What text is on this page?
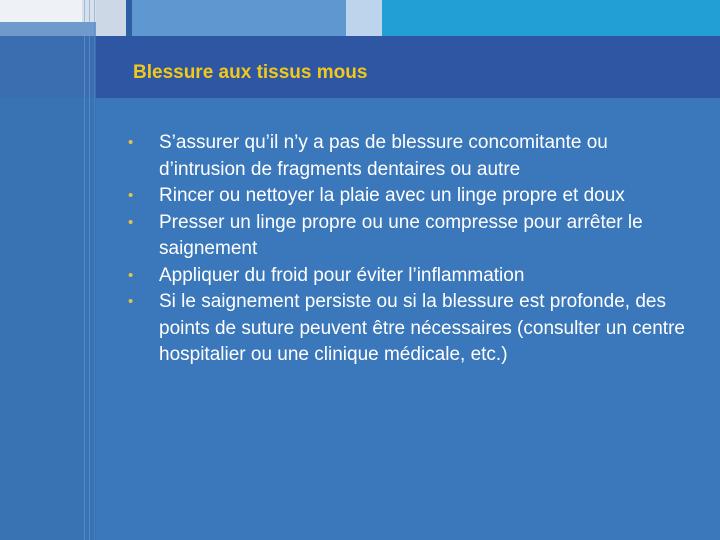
Blessure aux tissus mous
•	S’assurer qu’il n’y a pas de blessure concomitante ou d’intrusion de fragments dentaires ou autre
•	Rincer ou nettoyer la plaie avec un linge propre et doux
•	Presser un linge propre ou une compresse pour arrêter le saignement
•	Appliquer du froid pour éviter l’inflammation
•	Si le saignement persiste ou si la blessure est profonde, des points de suture peuvent être nécessaires (consulter un centre hospitalier ou une clinique médicale, etc.)
